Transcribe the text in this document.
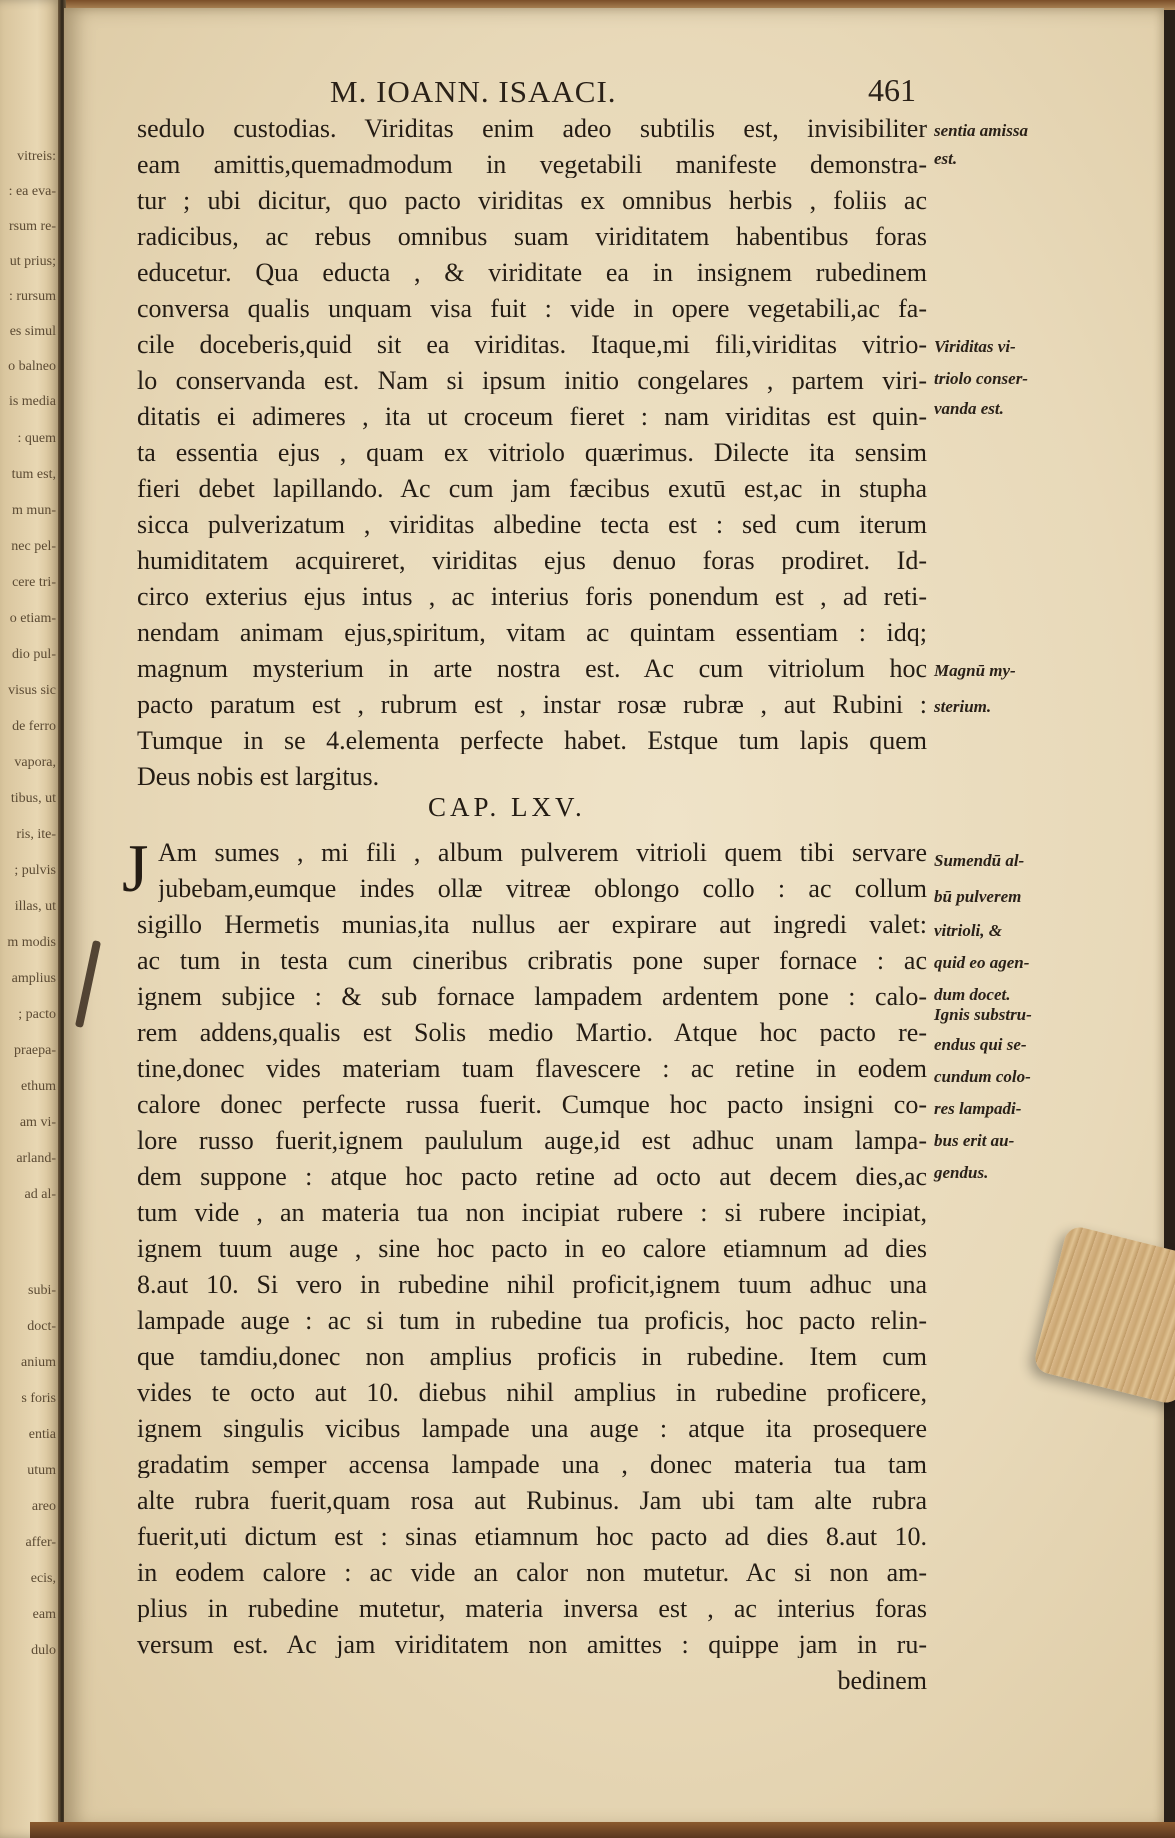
vitreis:
: ea eva-
rsum re-
ut prius;
: rursum
es simul
o balneo
is media
: quem
tum est,
m mun-
nec pel-
cere tri-
o etiam-
dio pul-
visus sic
de ferro
vapora,
tibus, ut
ris, ite-
; pulvis
illas, ut
m modis
amplius
; pacto
praepa-
ethum
am vi-
arland-
ad al-
subi-
doct-
anium
s foris
entia
utum
areo
affer-
ecis,
eam
dulo
M. IOANN. ISAACI.	461
sedulo custodias. Viriditas enim adeo subtilis est, invisibiliter
eam amittis,quemadmodum in vegetabili manifeste demonstra-
tur ; ubi dicitur, quo pacto viriditas ex omnibus herbis , foliis ac
radicibus, ac rebus omnibus suam viriditatem habentibus foras
educetur. Qua educta , & viriditate ea in insignem rubedinem
conversa qualis unquam visa fuit : vide in opere vegetabili,ac fa-
cile doceberis,quid sit ea viriditas. Itaque,mi fili,viriditas vitrio-
lo conservanda est. Nam si ipsum initio congelares , partem viri-
ditatis ei adimeres , ita ut croceum fieret : nam viriditas est quin-
ta essentia ejus , quam ex vitriolo quærimus. Dilecte ita sensim
fieri debet lapillando. Ac cum jam fæcibus exutū est,ac in stupha
sicca pulverizatum , viriditas albedine tecta est : sed cum iterum
humiditatem acquireret, viriditas ejus denuo foras prodiret. Id-
circo exterius ejus intus , ac interius foris ponendum est , ad reti-
nendam animam ejus,spiritum, vitam ac quintam essentiam : idq;
magnum mysterium in arte nostra est. Ac cum vitriolum hoc
pacto paratum est , rubrum est , instar rosæ rubræ , aut Rubini :
Tumque in se 4.elementa perfecte habet. Estque tum lapis quem
Deus nobis est largitus.
CAP. LXV.
J Am sumes , mi fili , album pulverem vitrioli quem tibi servare
jubebam,eumque indes ollæ vitreæ oblongo collo : ac collum
sigillo Hermetis munias,ita nullus aer expirare aut ingredi valet:
ac tum in testa cum cineribus cribratis pone super fornace : ac
ignem subjice : & sub fornace lampadem ardentem pone : calo-
rem addens,qualis est Solis medio Martio. Atque hoc pacto re-
tine,donec vides materiam tuam flavescere : ac retine in eodem
calore donec perfecte russa fuerit. Cumque hoc pacto insigni co-
lore russo fuerit,ignem paululum auge,id est adhuc unam lampa-
dem suppone : atque hoc pacto retine ad octo aut decem dies,ac
tum vide , an materia tua non incipiat rubere : si rubere incipiat,
ignem tuum auge , sine hoc pacto in eo calore etiamnum ad dies
8.aut 10. Si vero in rubedine nihil proficit,ignem tuum adhuc una
lampade auge : ac si tum in rubedine tua proficis, hoc pacto relin-
que tamdiu,donec non amplius proficis in rubedine. Item cum
vides te octo aut 10. diebus nihil amplius in rubedine proficere,
ignem singulis vicibus lampade una auge : atque ita prosequere
gradatim semper accensa lampade una , donec materia tua tam
alte rubra fuerit,quam rosa aut Rubinus. Jam ubi tam alte rubra
fuerit,uti dictum est : sinas etiamnum hoc pacto ad dies 8.aut 10.
in eodem calore : ac vide an calor non mutetur. Ac si non am-
plius in rubedine mutetur, materia inversa est , ac interius foras
versum est. Ac jam viriditatem non amittes : quippe jam in ru-
bedinem
sentia amissa
est.
Viriditas vi-
triolo conser-
vanda est.
Magnū my-
sterium.
Sumendū al-
bū pulverem
vitrioli, &
quid eo agen-
dum docet.
Ignis substru-
endus qui se-
cundum colo-
res lampadi-
bus erit au-
gendus.
